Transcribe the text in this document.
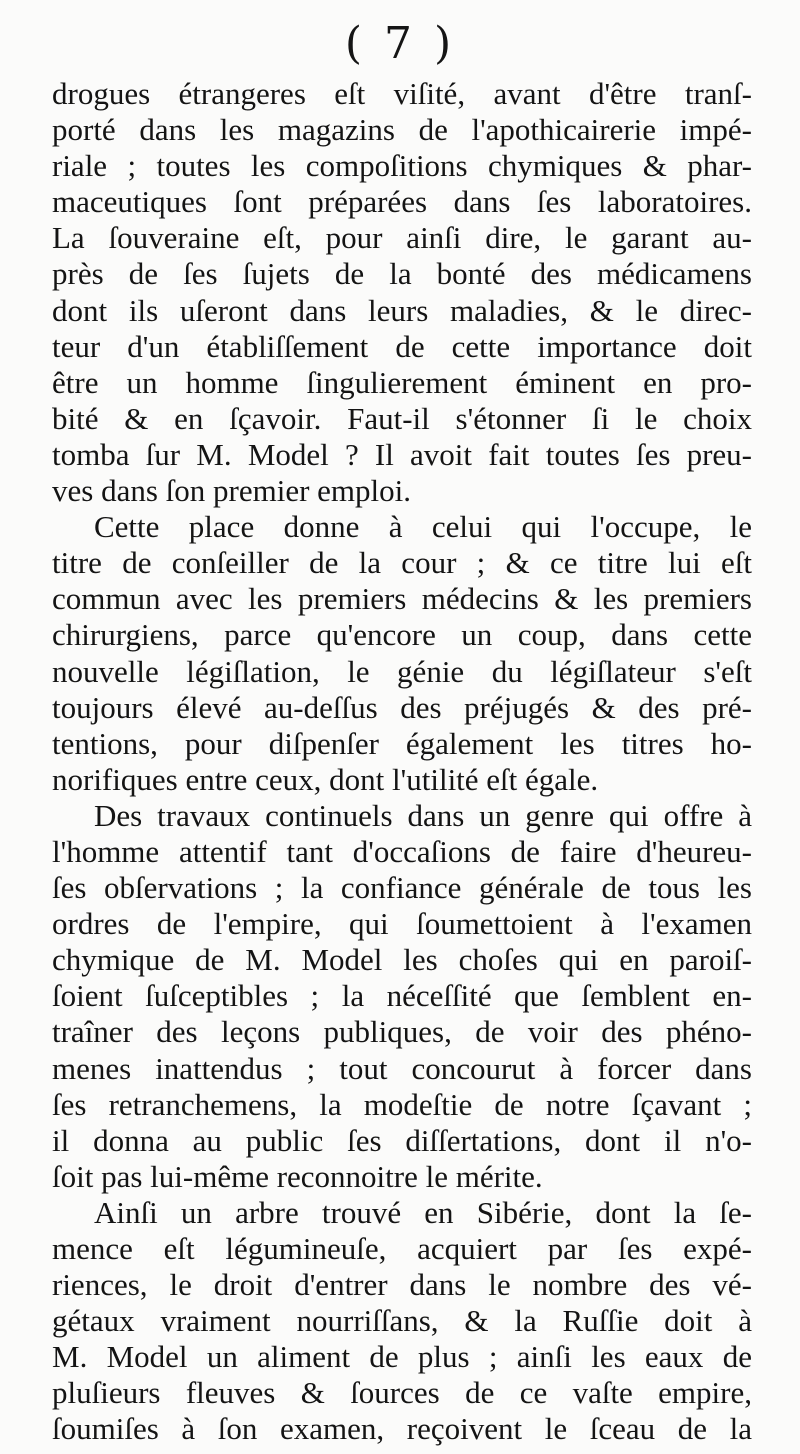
( 7 )
drogues étrangeres eſt viſité, avant d'être tranſ-
porté dans les magazins de l'apothicairerie impé-
riale ; toutes les compoſitions chymiques & phar-
maceutiques ſont préparées dans ſes laboratoires.
La ſouveraine eſt, pour ainſi dire, le garant au-
près de ſes ſujets de la bonté des médicamens
dont ils uſeront dans leurs maladies, & le direc-
teur d'un établiſſement de cette importance doit
être un homme ſingulierement éminent en pro-
bité & en ſçavoir. Faut-il s'étonner ſi le choix
tomba ſur M. Model ? Il avoit fait toutes ſes preu-
ves dans ſon premier emploi.
Cette place donne à celui qui l'occupe, le
titre de conſeiller de la cour ; & ce titre lui eſt
commun avec les premiers médecins & les premiers
chirurgiens, parce qu'encore un coup, dans cette
nouvelle légiſlation, le génie du légiſlateur s'eſt
toujours élevé au-deſſus des préjugés & des pré-
tentions, pour diſpenſer également les titres ho-
norifiques entre ceux, dont l'utilité eſt égale.
Des travaux continuels dans un genre qui offre à
l'homme attentif tant d'occaſions de faire d'heureu-
ſes obſervations ; la confiance générale de tous les
ordres de l'empire, qui ſoumettoient à l'examen
chymique de M. Model les choſes qui en paroiſ-
ſoient ſuſceptibles ; la néceſſité que ſemblent en-
traîner des leçons publiques, de voir des phéno-
menes inattendus ; tout concourut à forcer dans
ſes retranchemens, la modeſtie de notre ſçavant ;
il donna au public ſes diſſertations, dont il n'o-
ſoit pas lui-même reconnoitre le mérite.
Ainſi un arbre trouvé en Sibérie, dont la ſe-
mence eſt légumineuſe, acquiert par ſes expé-
riences, le droit d'entrer dans le nombre des vé-
gétaux vraiment nourriſſans, & la Ruſſie doit à
M. Model un aliment de plus ; ainſi les eaux de
pluſieurs fleuves & ſources de ce vaſte empire,
ſoumiſes à ſon examen, reçoivent le ſceau de la
